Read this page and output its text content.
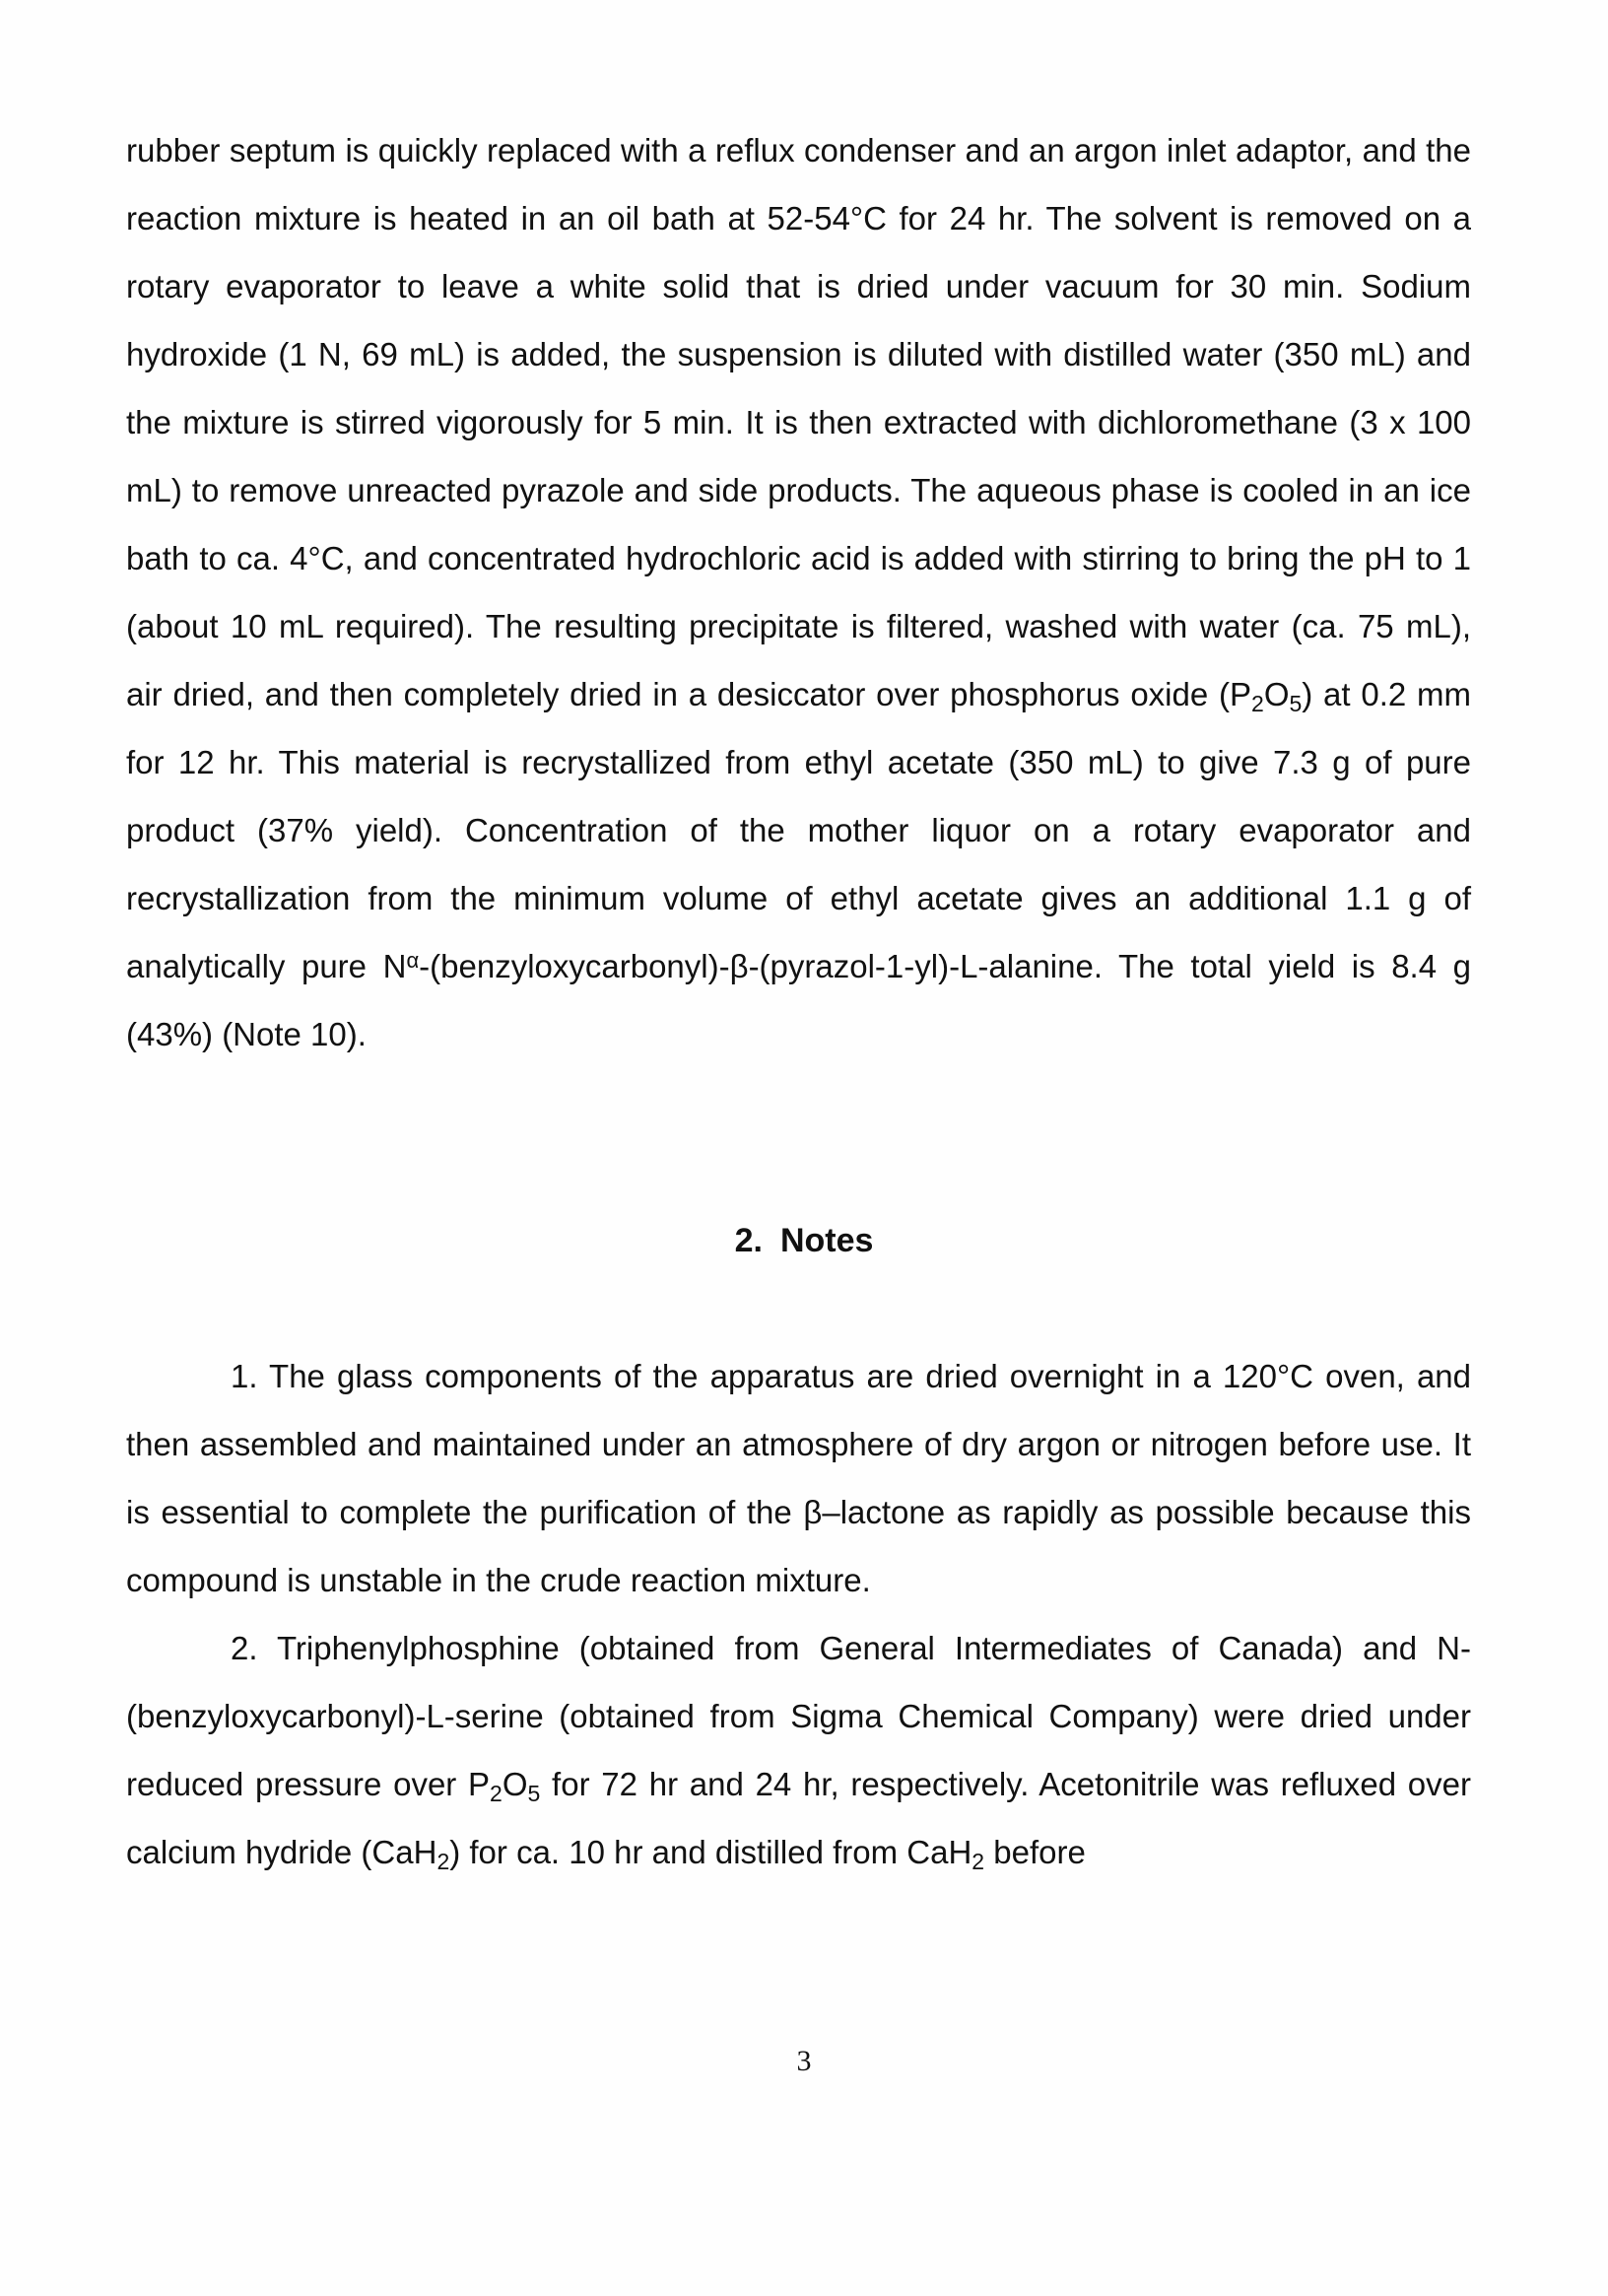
rubber septum is quickly replaced with a reflux condenser and an argon inlet adaptor, and the reaction mixture is heated in an oil bath at 52-54°C for 24 hr. The solvent is removed on a rotary evaporator to leave a white solid that is dried under vacuum for 30 min. Sodium hydroxide (1 N, 69 mL) is added, the suspension is diluted with distilled water (350 mL) and the mixture is stirred vigorously for 5 min. It is then extracted with dichloromethane (3 x 100 mL) to remove unreacted pyrazole and side products. The aqueous phase is cooled in an ice bath to ca. 4°C, and concentrated hydrochloric acid is added with stirring to bring the pH to 1 (about 10 mL required). The resulting precipitate is filtered, washed with water (ca. 75 mL), air dried, and then completely dried in a desiccator over phosphorus oxide $(P_2O_5)$ at 0.2 mm for 12 hr. This material is recrystallized from ethyl acetate (350 mL) to give 7.3 g of pure product (37% yield). Concentration of the mother liquor on a rotary evaporator and recrystallization from the minimum volume of ethyl acetate gives an additional 1.1 g of analytically pure $N^\alpha-(benzyloxycarbonyl)-\beta-(pyrazol-1-yl)-L$-alanine. The total yield is 8.4 g (43%) (Note 10).

2. Notes

1. The glass components of the apparatus are dried overnight in a 120°C oven, and then assembled and maintained under an atmosphere of dry argon or nitrogen before use. It is essential to complete the purification of the β–lactone as rapidly as possible because this compound is unstable in the crude reaction mixture.

2. Triphenylphosphine (obtained from General Intermediates of Canada) and N-(benzyloxycarbonyl)-L-serine (obtained from Sigma Chemical Company) were dried under reduced pressure over $P_2O_5$ for 72 hr and 24 hr, respectively. Acetonitrile was refluxed over calcium hydride (CaH$_2$) for ca. 10 hr and distilled from CaH$_2$ before

3
